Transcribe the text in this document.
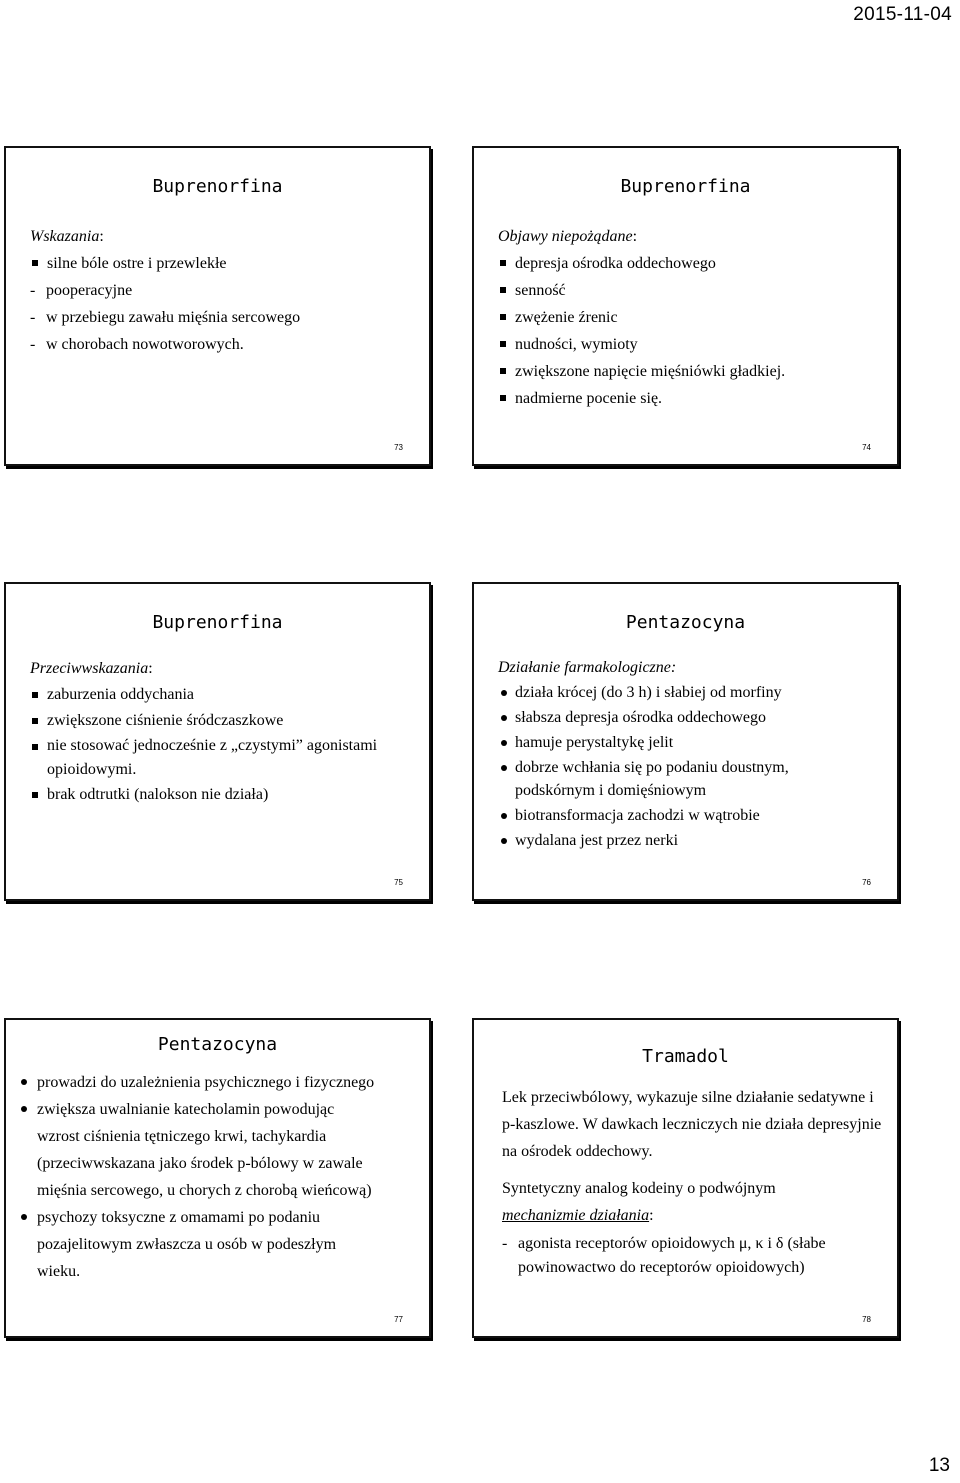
2015-11-04
Buprenorfina
Wskazania:
silne bóle ostre i przewlekłe
- pooperacyjne
- w przebiegu zawału mięśnia sercowego
- w chorobach nowotworowych.
73
Buprenorfina
Objawy niepożądane:
depresja ośrodka oddechowego
senność
zwężenie źrenic
nudności, wymioty
zwiększone napięcie mięśniówki gładkiej.
nadmierne pocenie się.
74
Buprenorfina
Przeciwwskazania:
zaburzenia oddychania
zwiększone ciśnienie śródczaszkowe
nie stosować jednocześnie z „czystymi” agonistami opioidowymi.
brak odtrutki (nalokson nie działa)
75
Pentazocyna
Działanie farmakologiczne:
działa krócej (do 3 h) i słabiej od morfiny
słabsza depresja ośrodka oddechowego
hamuje perystaltykę jelit
dobrze wchłania się po podaniu doustnym, podskórnym i domięśniowym
biotransformacja zachodzi w wątrobie
wydalana jest przez nerki
76
Pentazocyna
prowadzi do uzależnienia psychicznego i fizycznego
zwiększa uwalnianie katecholamin powodując wzrost ciśnienia tętniczego krwi, tachykardia (przeciwwskazana jako środek p-bólowy w zawale mięśnia sercowego, u chorych z chorobą wieńcową)
psychozy toksyczne z omamami po podaniu pozajelitowym zwłaszcza u osób w podeszłym wieku.
77
Tramadol
Lek przeciwbólowy, wykazuje silne działanie sedatywne i p-kaszlowe. W dawkach leczniczych nie działa depresyjnie na ośrodek oddechowy.
Syntetyczny analog kodeiny o podwójnym
mechanizmie działania:
- agonista receptorów opioidowych μ, κ i δ (słabe powinowactwo do receptorów opioidowych)
78
13
